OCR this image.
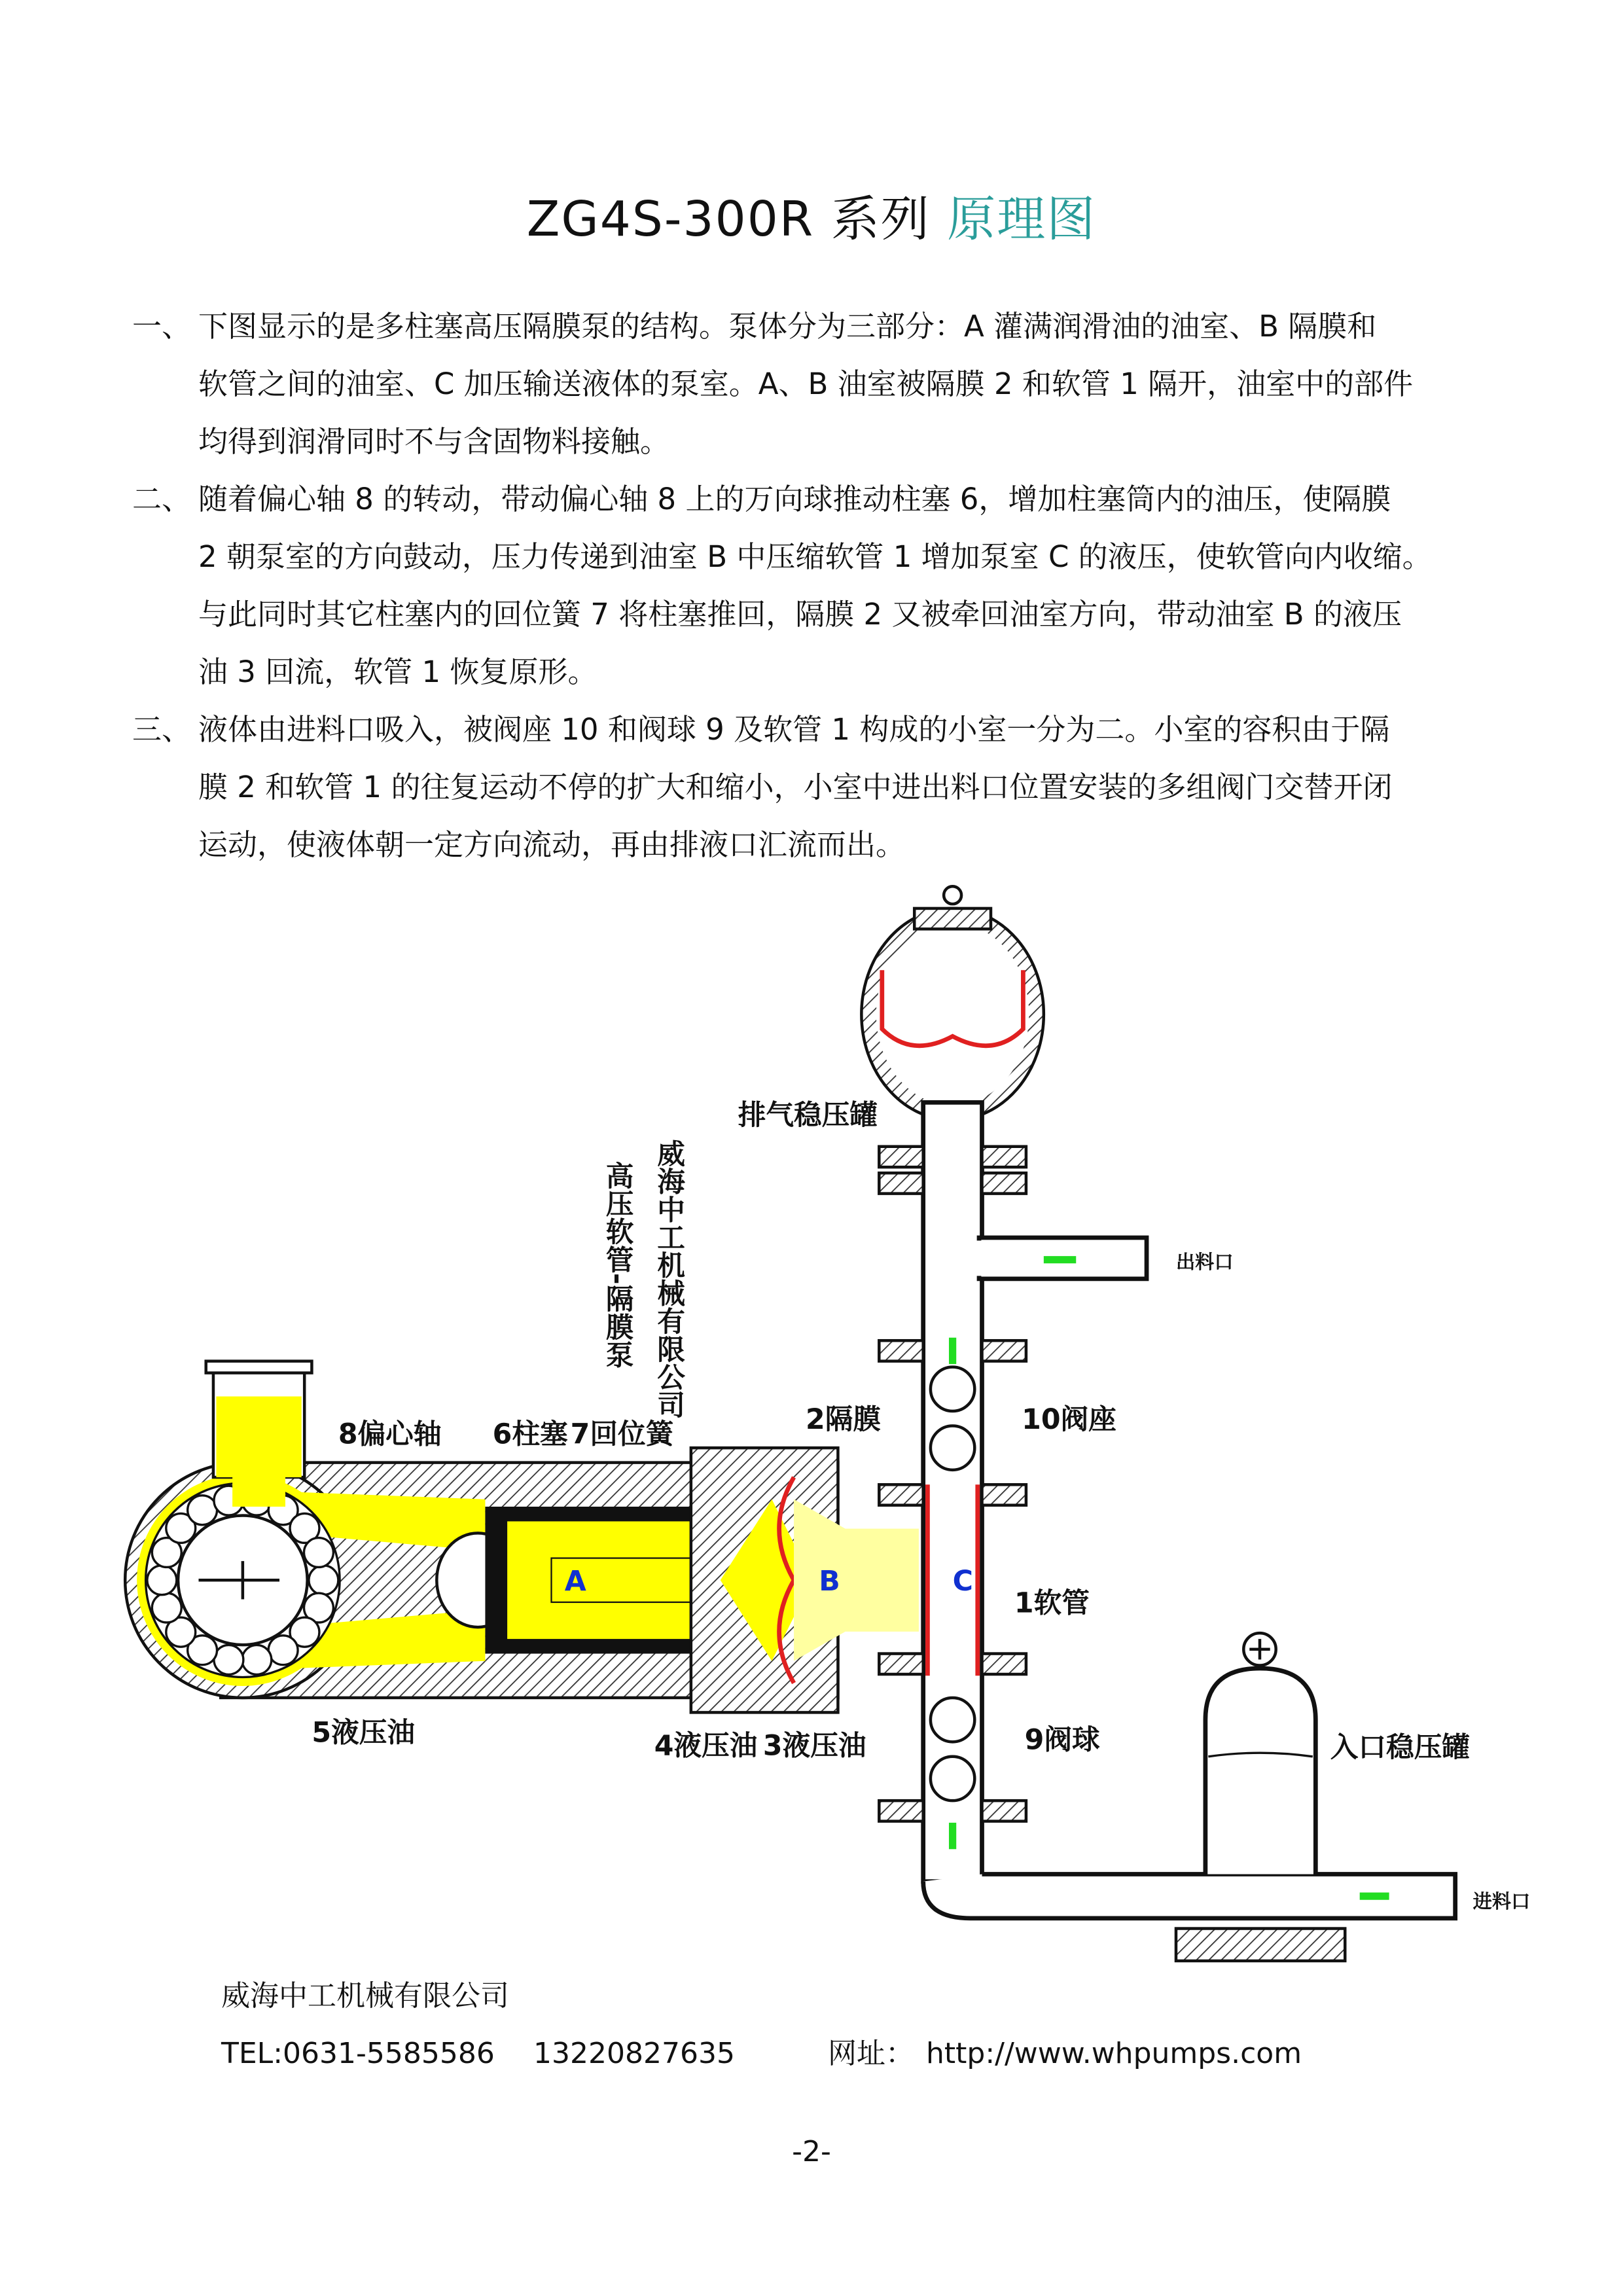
ZG4S-300R 系列 原理图
一、 下图显示的是多柱塞高压隔膜泵的结构。泵体分为三部分：A 灌满润滑油的油室、B 隔膜和
软管之间的油室、C 加压输送液体的泵室。A、B 油室被隔膜 2 和软管 1 隔开，油室中的部件
均得到润滑同时不与含固物料接触。
二、 随着偏心轴 8 的转动，带动偏心轴 8 上的万向球推动柱塞 6，增加柱塞筒内的油压，使隔膜
2 朝泵室的方向鼓动，压力传递到油室 B 中压缩软管 1 增加泵室 C 的液压，使软管向内收缩。
与此同时其它柱塞内的回位簧 7 将柱塞推回，隔膜 2 又被牵回油室方向，带动油室 B 的液压
油 3 回流，软管 1 恢复原形。
三、 液体由进料口吸入，被阀座 10 和阀球 9 及软管 1 构成的小室一分为二。小室的容积由于隔
膜 2 和软管 1 的往复运动不停的扩大和缩小，小室中进出料口位置安装的多组阀门交替开闭
运动，使液体朝一定方向流动，再由排液口汇流而出。
8偏心轴	6柱塞 7回位簧	2隔膜	10阀座
1软管
9阀球
5液压油	4液压油 3液压油
排气稳压罐
出料口
进料口
入口稳压罐
A	B	C
威海中工机械有限公司
高压软管-隔膜泵
威海中工机械有限公司
TEL:0631-5585586 13220827635	网址： http://www.whpumps.com
-2-
